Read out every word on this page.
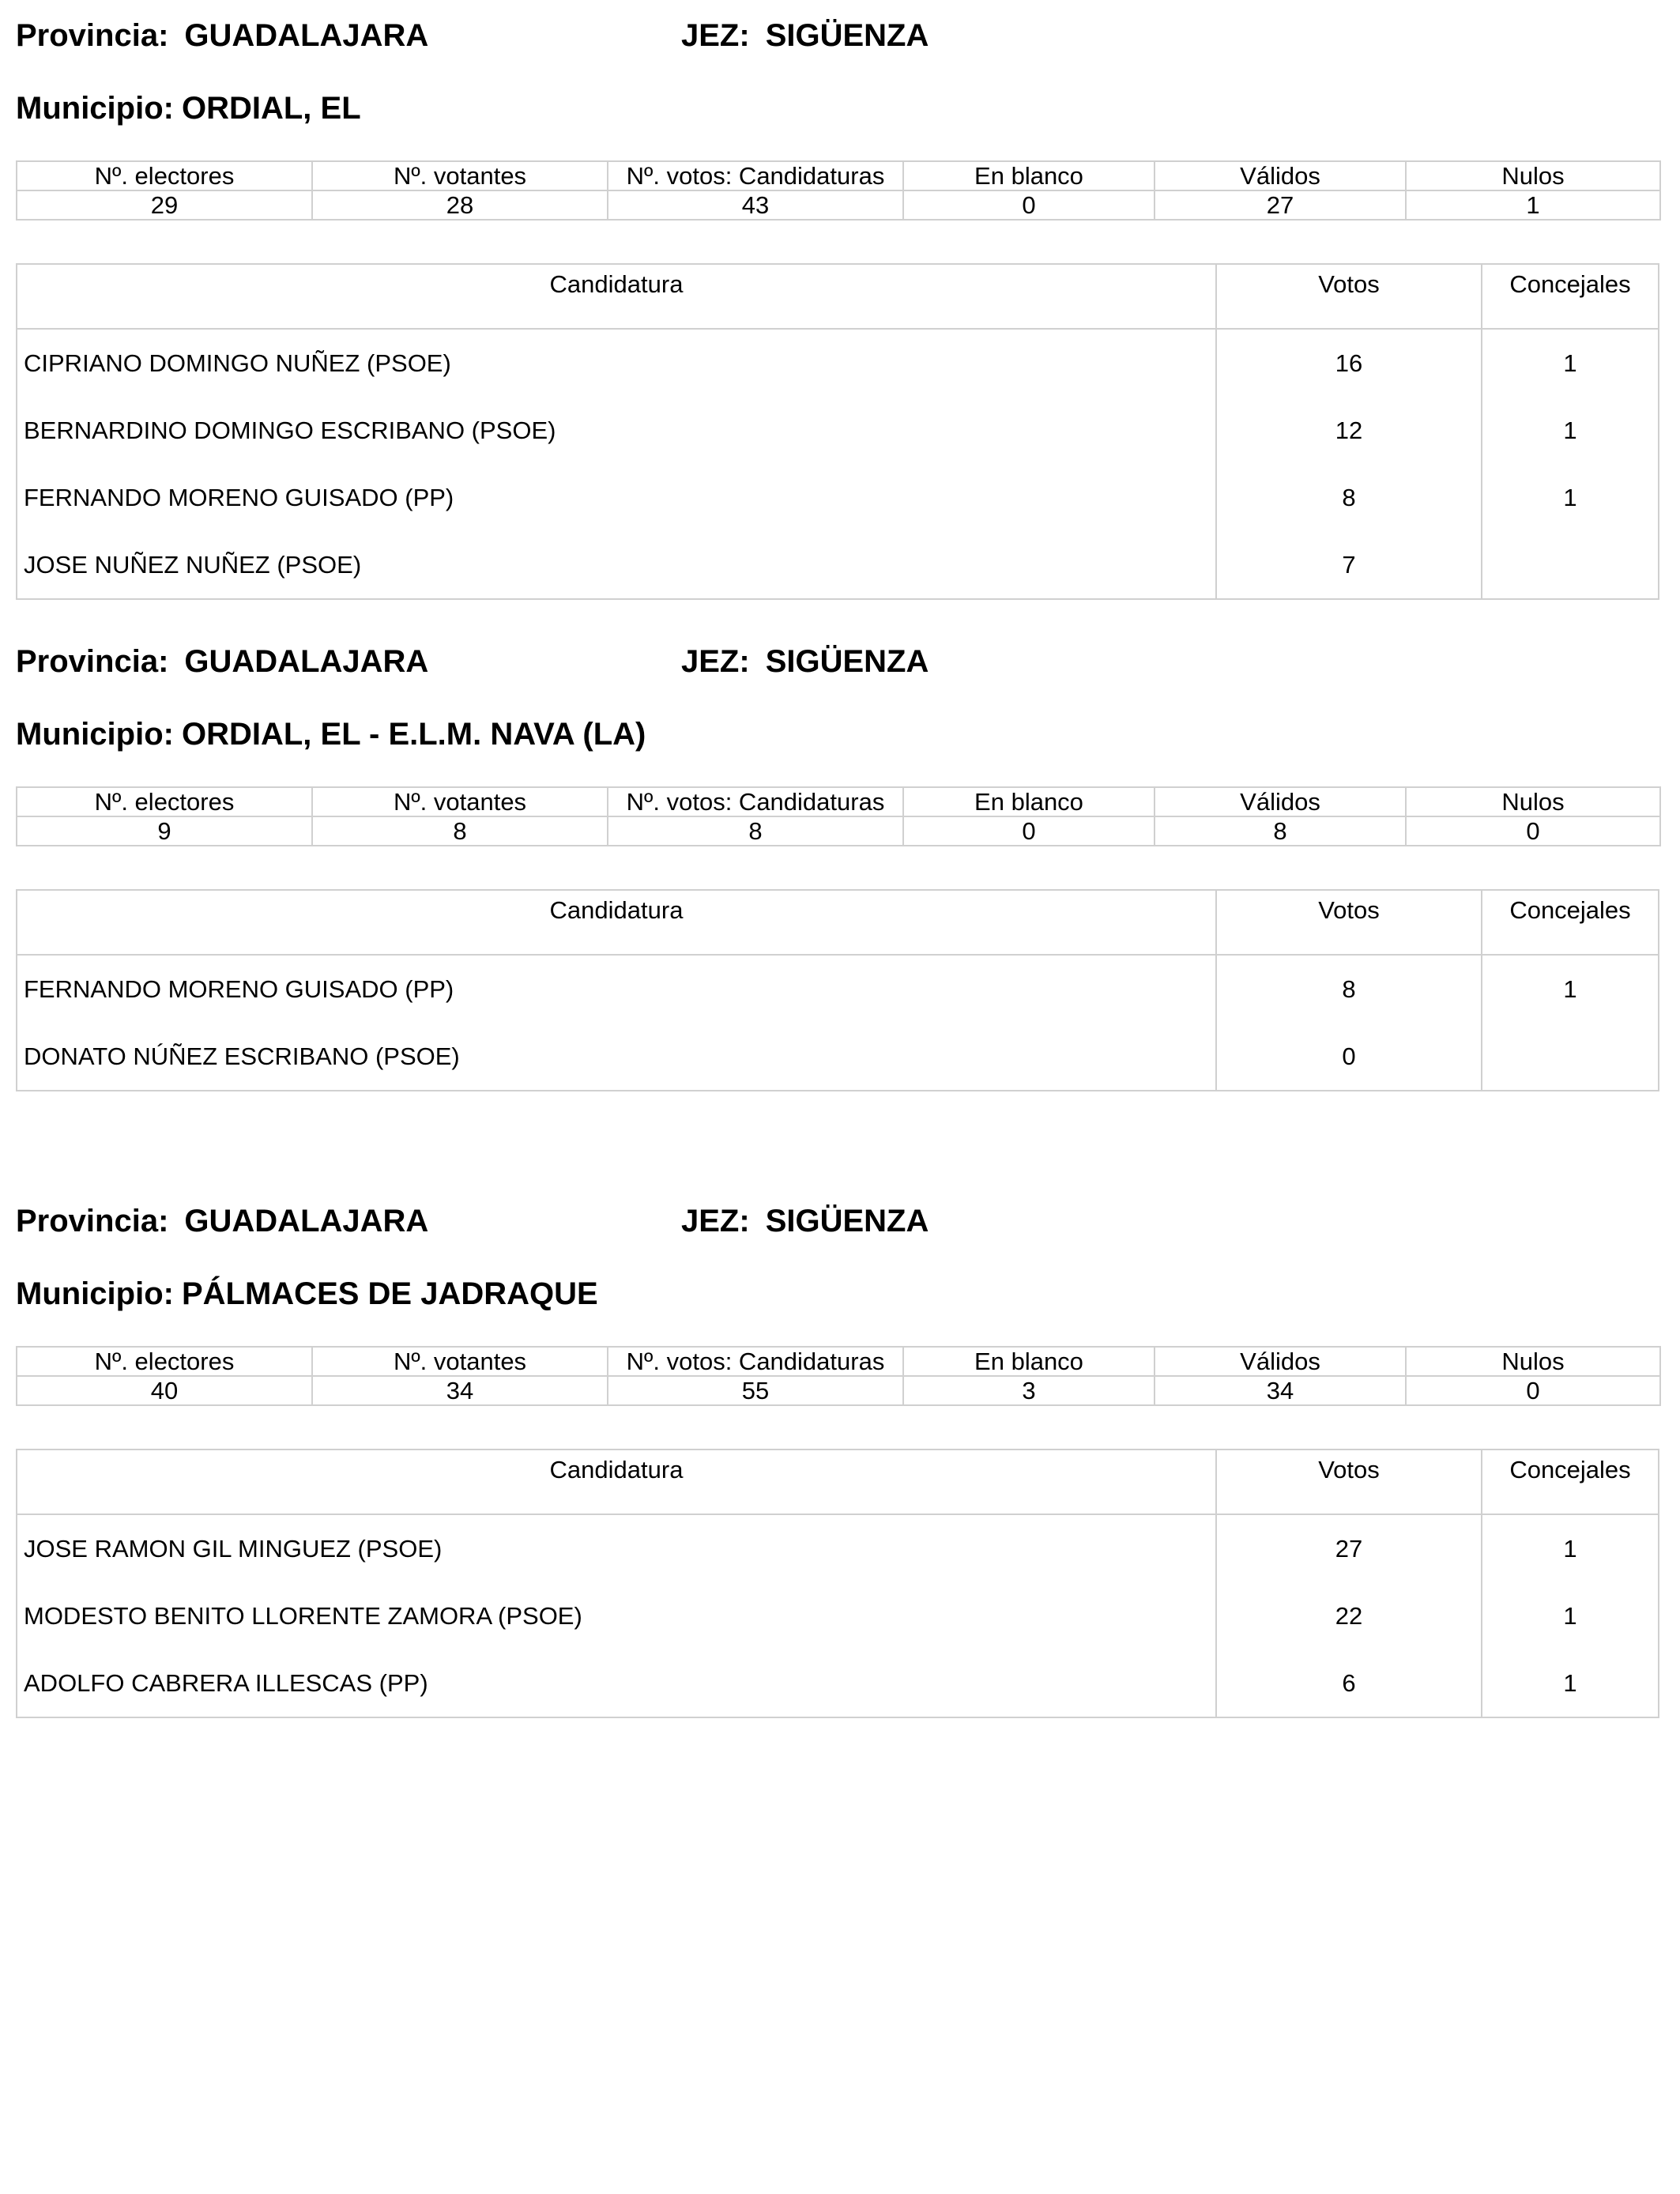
Provincia: GUADALAJARA	JEZ: SIGÜENZA
Municipio: ORDIAL, EL
Nº. electores	Nº. votantes	Nº. votos: Candidaturas	En blanco	Válidos	Nulos
29	28	43	0	27	1
Candidatura	Votos	Concejales
CIPRIANO DOMINGO NUÑEZ (PSOE)	16	1
BERNARDINO DOMINGO ESCRIBANO (PSOE)	12	1
FERNANDO MORENO GUISADO (PP)	8	1
JOSE NUÑEZ NUÑEZ (PSOE)	7
Provincia: GUADALAJARA	JEZ: SIGÜENZA
Municipio: ORDIAL, EL - E.L.M. NAVA (LA)
Nº. electores	Nº. votantes	Nº. votos: Candidaturas	En blanco	Válidos	Nulos
9	8	8	0	8	0
Candidatura	Votos	Concejales
FERNANDO MORENO GUISADO (PP)	8	1
DONATO NÚÑEZ ESCRIBANO (PSOE)	0
Provincia: GUADALAJARA	JEZ: SIGÜENZA
Municipio: PÁLMACES DE JADRAQUE
Nº. electores	Nº. votantes	Nº. votos: Candidaturas	En blanco	Válidos	Nulos
40	34	55	3	34	0
Candidatura	Votos	Concejales
JOSE RAMON GIL MINGUEZ (PSOE)	27	1
MODESTO BENITO LLORENTE ZAMORA (PSOE)	22	1
ADOLFO CABRERA ILLESCAS (PP)	6	1
